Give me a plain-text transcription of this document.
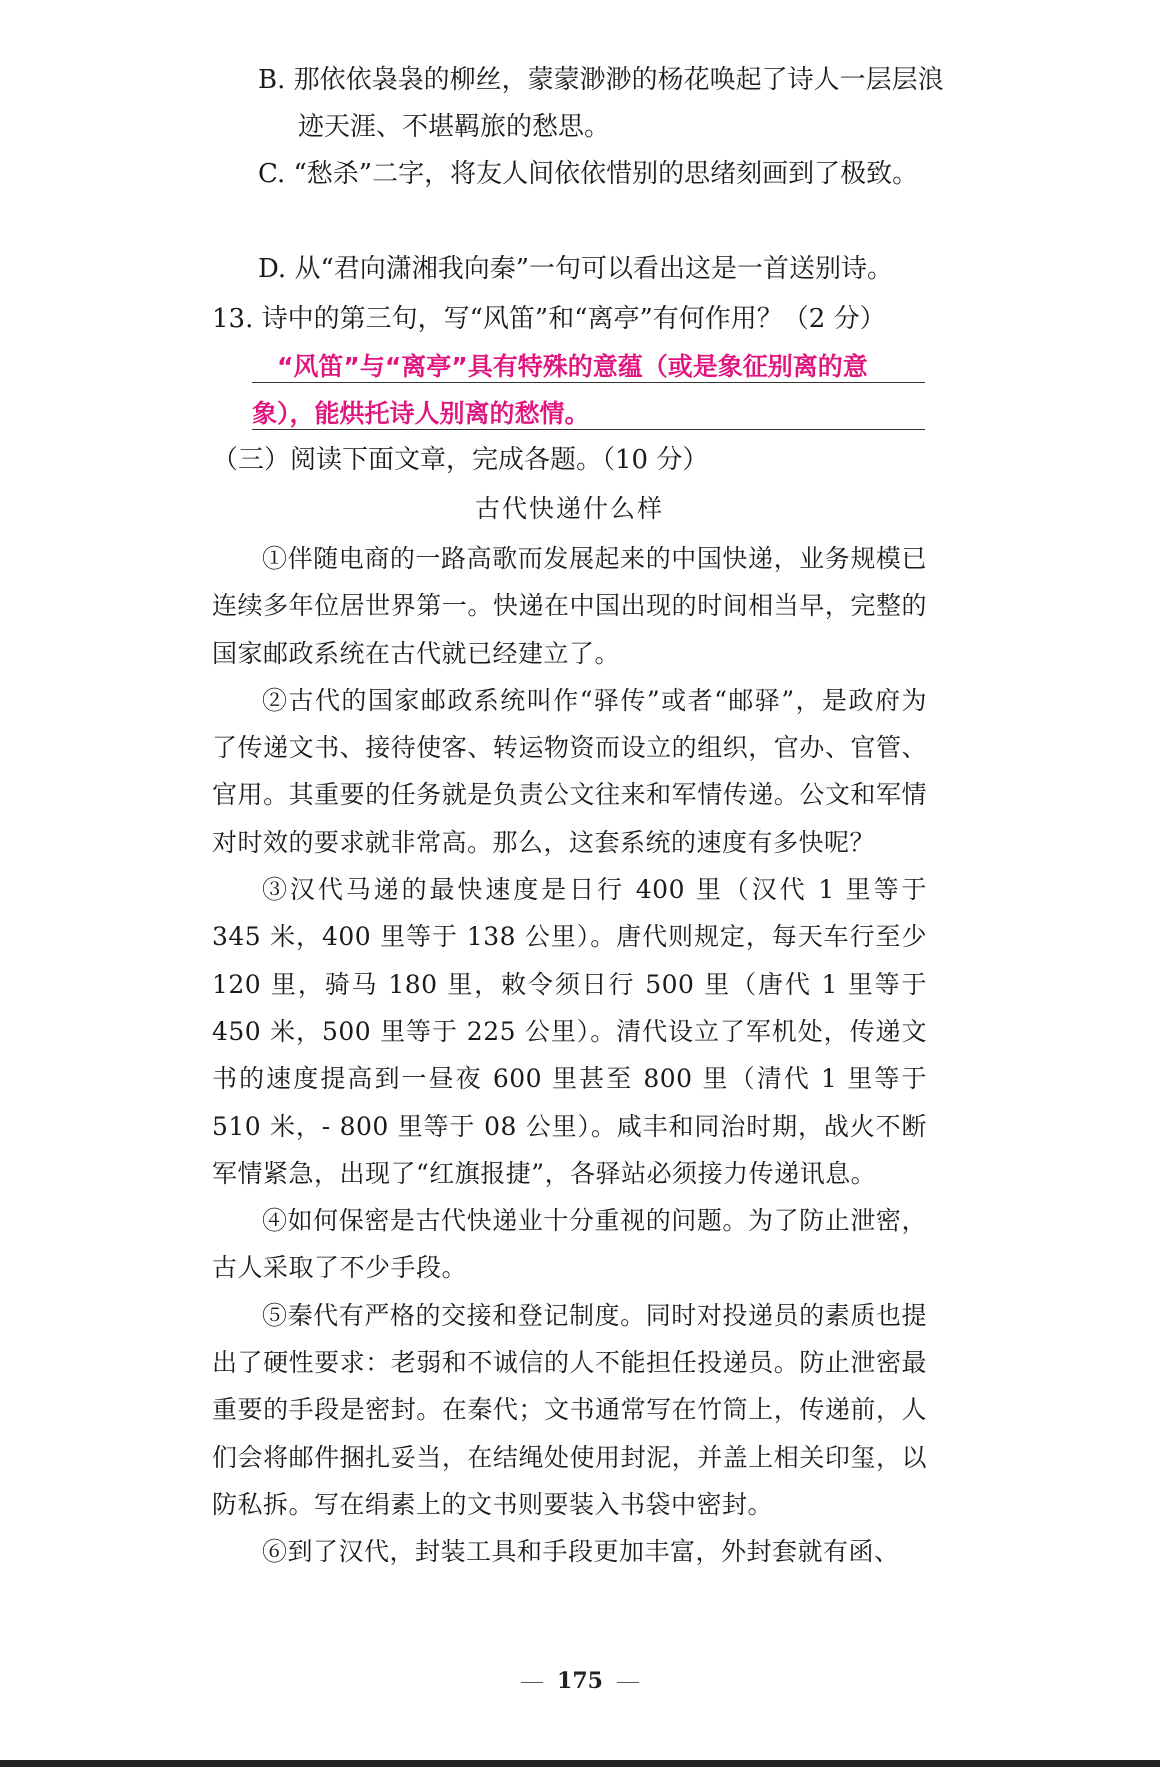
B. 那依依袅袅的柳丝，蒙蒙渺渺的杨花唤起了诗人一层层浪迹天涯、不堪羁旅的愁思。
C. “愁杀”二字，将友人间依依惜别的思绪刻画到了极致。
D. 从“君向潇湘我向秦”一句可以看出这是一首送别诗。
13. 诗中的第三句，写“风笛”和“离亭”有何作用？（2 分）
“风笛”与“离亭”具有特殊的意蕴（或是象征别离的意象），能烘托诗人别离的愁情。
（三）阅读下面文章，完成各题。（10 分）
古代快递什么样

①伴随电商的一路高歌而发展起来的中国快递，业务规模已连续多年位居世界第一。快递在中国出现的时间相当早，完整的国家邮政系统在古代就已经建立了。

②古代的国家邮政系统叫作“驿传”或者“邮驿”，是政府为了传递文书、接待使客、转运物资而设立的组织，官办、官管、官用。其重要的任务就是负责公文往来和军情传递。公文和军情对时效的要求就非常高。那么，这套系统的速度有多快呢？

③汉代马递的最快速度是日行 400 里（汉代 1 里等于 345 米，400 里等于 138 公里）。唐代则规定，每天车行至少 120 里，骑马 180 里，敕令须日行 500 里（唐代 1 里等于 450 米，500 里等于 225 公里）。清代设立了军机处，传递文书的速度提高到一昼夜 600 里甚至 800 里（清代 1 里等于 510 米，- 800 里等于 08 公里）。咸丰和同治时期，战火不断军情紧急，出现了“红旗报捷”，各驿站必须接力传递讯息。

④如何保密是古代快递业十分重视的问题。为了防止泄密，古人采取了不少手段。

⑤秦代有严格的交接和登记制度。同时对投递员的素质也提出了硬性要求：老弱和不诚信的人不能担任投递员。防止泄密最重要的手段是密封。在秦代；文书通常写在竹筒上，传递前，人们会将邮件捆扎妥当，在结绳处使用封泥，并盖上相关印玺，以防私拆。写在绢素上的文书则要装入书袋中密封。

⑥到了汉代，封装工具和手段更加丰富，外封套就有函、

175
